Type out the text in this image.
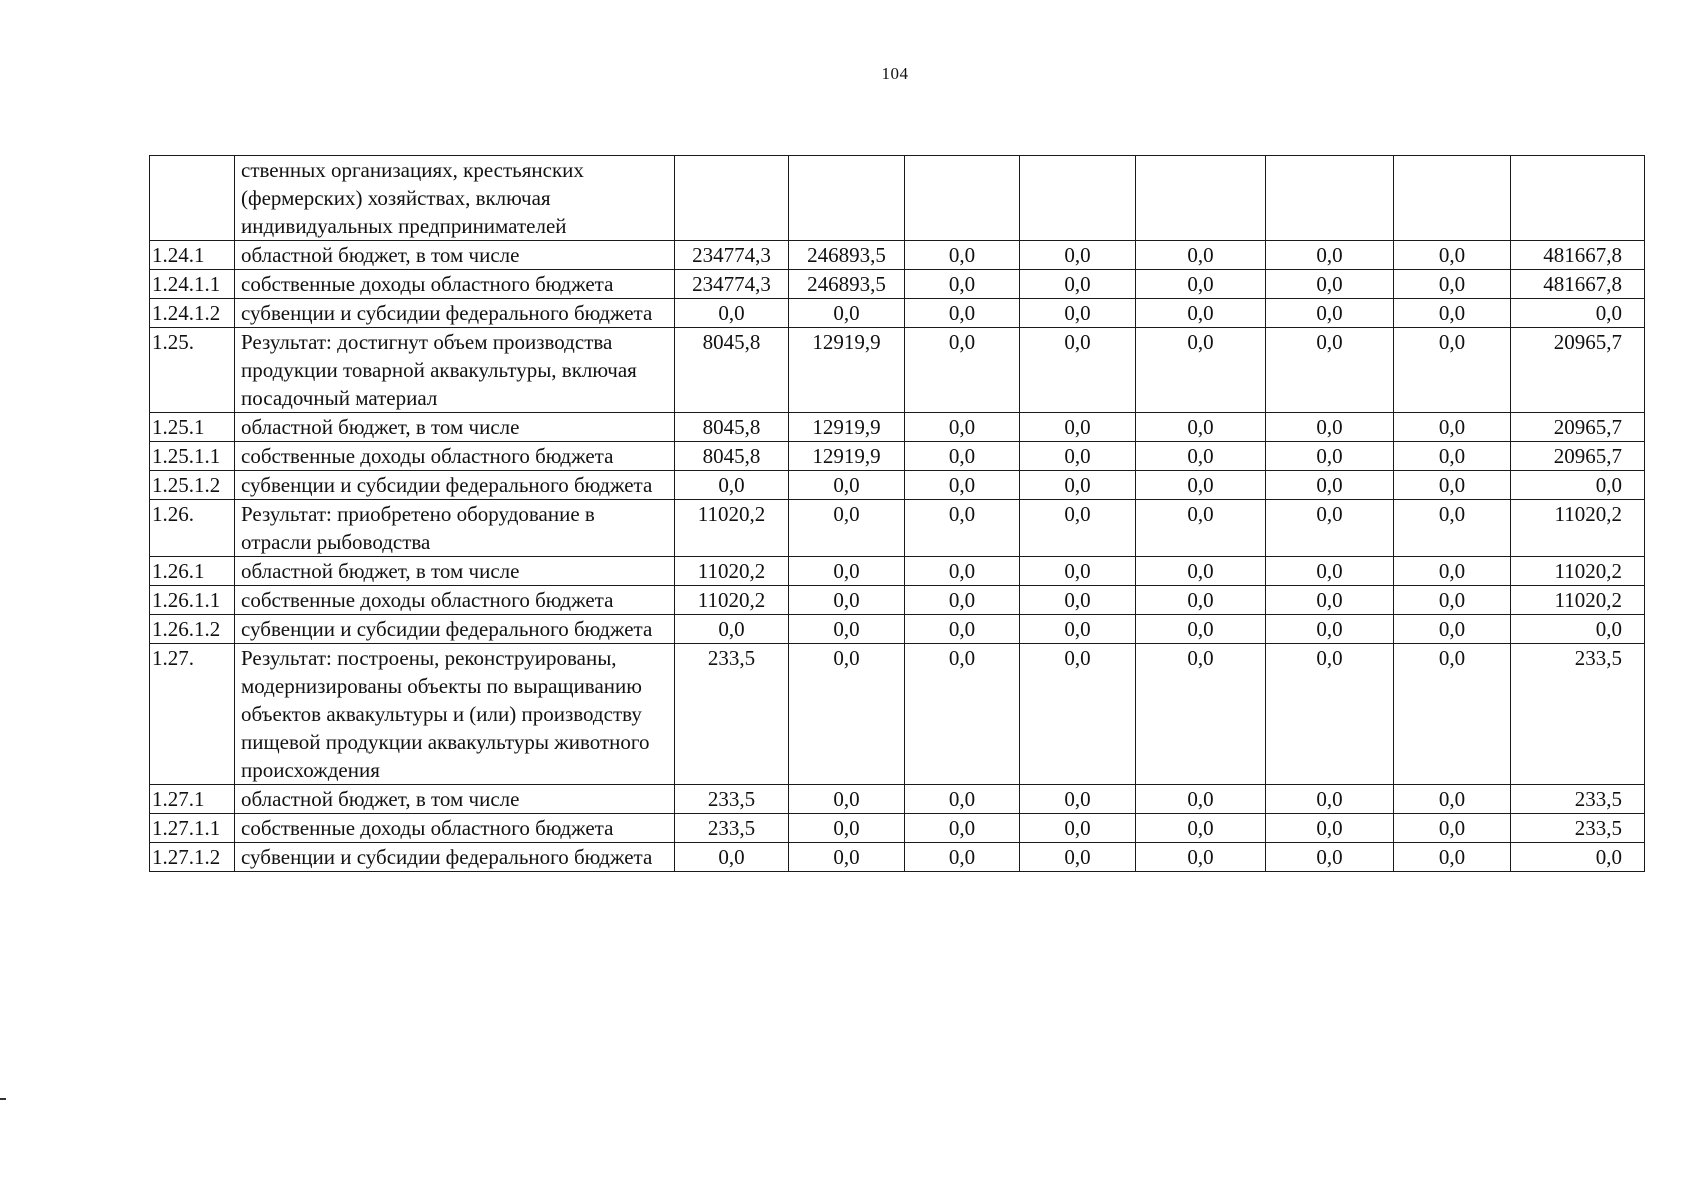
104
	ственных организациях, крестьянских (фермерских) хозяйствах, включая индивидуальных предпринимателей								
1.24.1	областной бюджет, в том числе	234774,3	246893,5	0,0	0,0	0,0	0,0	0,0	481667,8
1.24.1.1	собственные доходы областного бюджета	234774,3	246893,5	0,0	0,0	0,0	0,0	0,0	481667,8
1.24.1.2	субвенции и субсидии федерального бюджета	0,0	0,0	0,0	0,0	0,0	0,0	0,0	0,0
1.25.	Результат: достигнут объем производства продукции товарной аквакультуры, включая посадочный материал	8045,8	12919,9	0,0	0,0	0,0	0,0	0,0	20965,7
1.25.1	областной бюджет, в том числе	8045,8	12919,9	0,0	0,0	0,0	0,0	0,0	20965,7
1.25.1.1	собственные доходы областного бюджета	8045,8	12919,9	0,0	0,0	0,0	0,0	0,0	20965,7
1.25.1.2	субвенции и субсидии федерального бюджета	0,0	0,0	0,0	0,0	0,0	0,0	0,0	0,0
1.26.	Результат: приобретено оборудование в отрасли рыбоводства	11020,2	0,0	0,0	0,0	0,0	0,0	0,0	11020,2
1.26.1	областной бюджет, в том числе	11020,2	0,0	0,0	0,0	0,0	0,0	0,0	11020,2
1.26.1.1	собственные доходы областного бюджета	11020,2	0,0	0,0	0,0	0,0	0,0	0,0	11020,2
1.26.1.2	субвенции и субсидии федерального бюджета	0,0	0,0	0,0	0,0	0,0	0,0	0,0	0,0
1.27.	Результат: построены, реконструированы, модернизированы объекты по выращиванию объектов аквакультуры и (или) производству пищевой продукции аквакультуры животного происхождения	233,5	0,0	0,0	0,0	0,0	0,0	0,0	233,5
1.27.1	областной бюджет, в том числе	233,5	0,0	0,0	0,0	0,0	0,0	0,0	233,5
1.27.1.1	собственные доходы областного бюджета	233,5	0,0	0,0	0,0	0,0	0,0	0,0	233,5
1.27.1.2	субвенции и субсидии федерального бюджета	0,0	0,0	0,0	0,0	0,0	0,0	0,0	0,0
